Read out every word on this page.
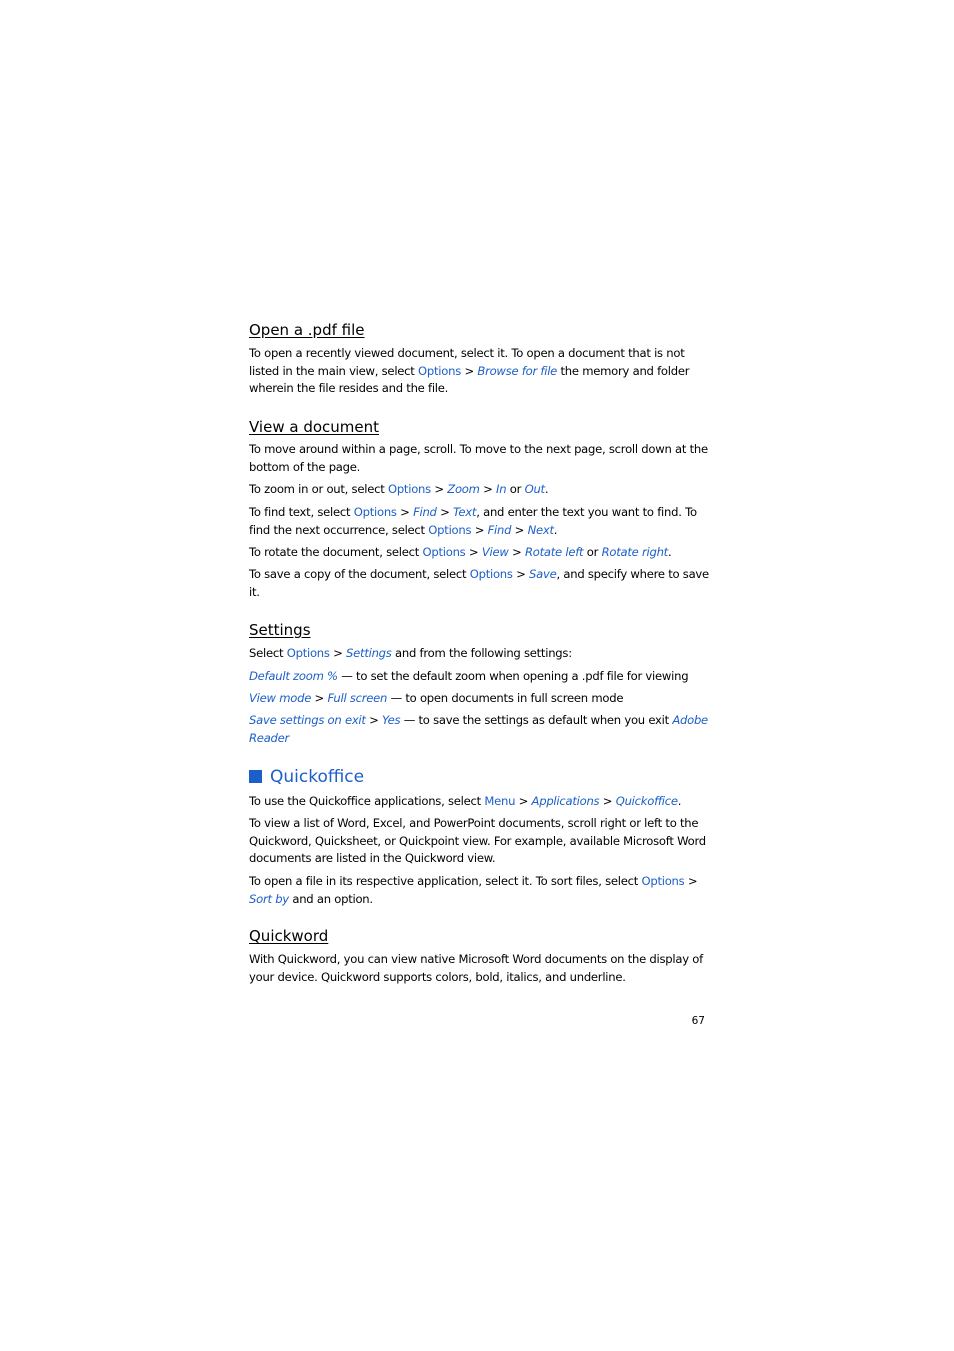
Open a .pdf file

To open a recently viewed document, select it. To open a document that is not listed in the main view, select Options > Browse for file the memory and folder wherein the file resides and the file.

View a document

To move around within a page, scroll. To move to the next page, scroll down at the bottom of the page.

To zoom in or out, select Options > Zoom > In or Out.

To find text, select Options > Find > Text, and enter the text you want to find. To find the next occurrence, select Options > Find > Next.

To rotate the document, select Options > View > Rotate left or Rotate right.

To save a copy of the document, select Options > Save, and specify where to save it.

Settings

Select Options > Settings and from the following settings:

Default zoom % — to set the default zoom when opening a .pdf file for viewing

View mode > Full screen — to open documents in full screen mode

Save settings on exit > Yes — to save the settings as default when you exit Adobe Reader

Quickoffice

To use the Quickoffice applications, select Menu > Applications > Quickoffice.

To view a list of Word, Excel, and PowerPoint documents, scroll right or left to the Quickword, Quicksheet, or Quickpoint view. For example, available Microsoft Word documents are listed in the Quickword view.

To open a file in its respective application, select it. To sort files, select Options > Sort by and an option.

Quickword

With Quickword, you can view native Microsoft Word documents on the display of your device. Quickword supports colors, bold, italics, and underline.

67
